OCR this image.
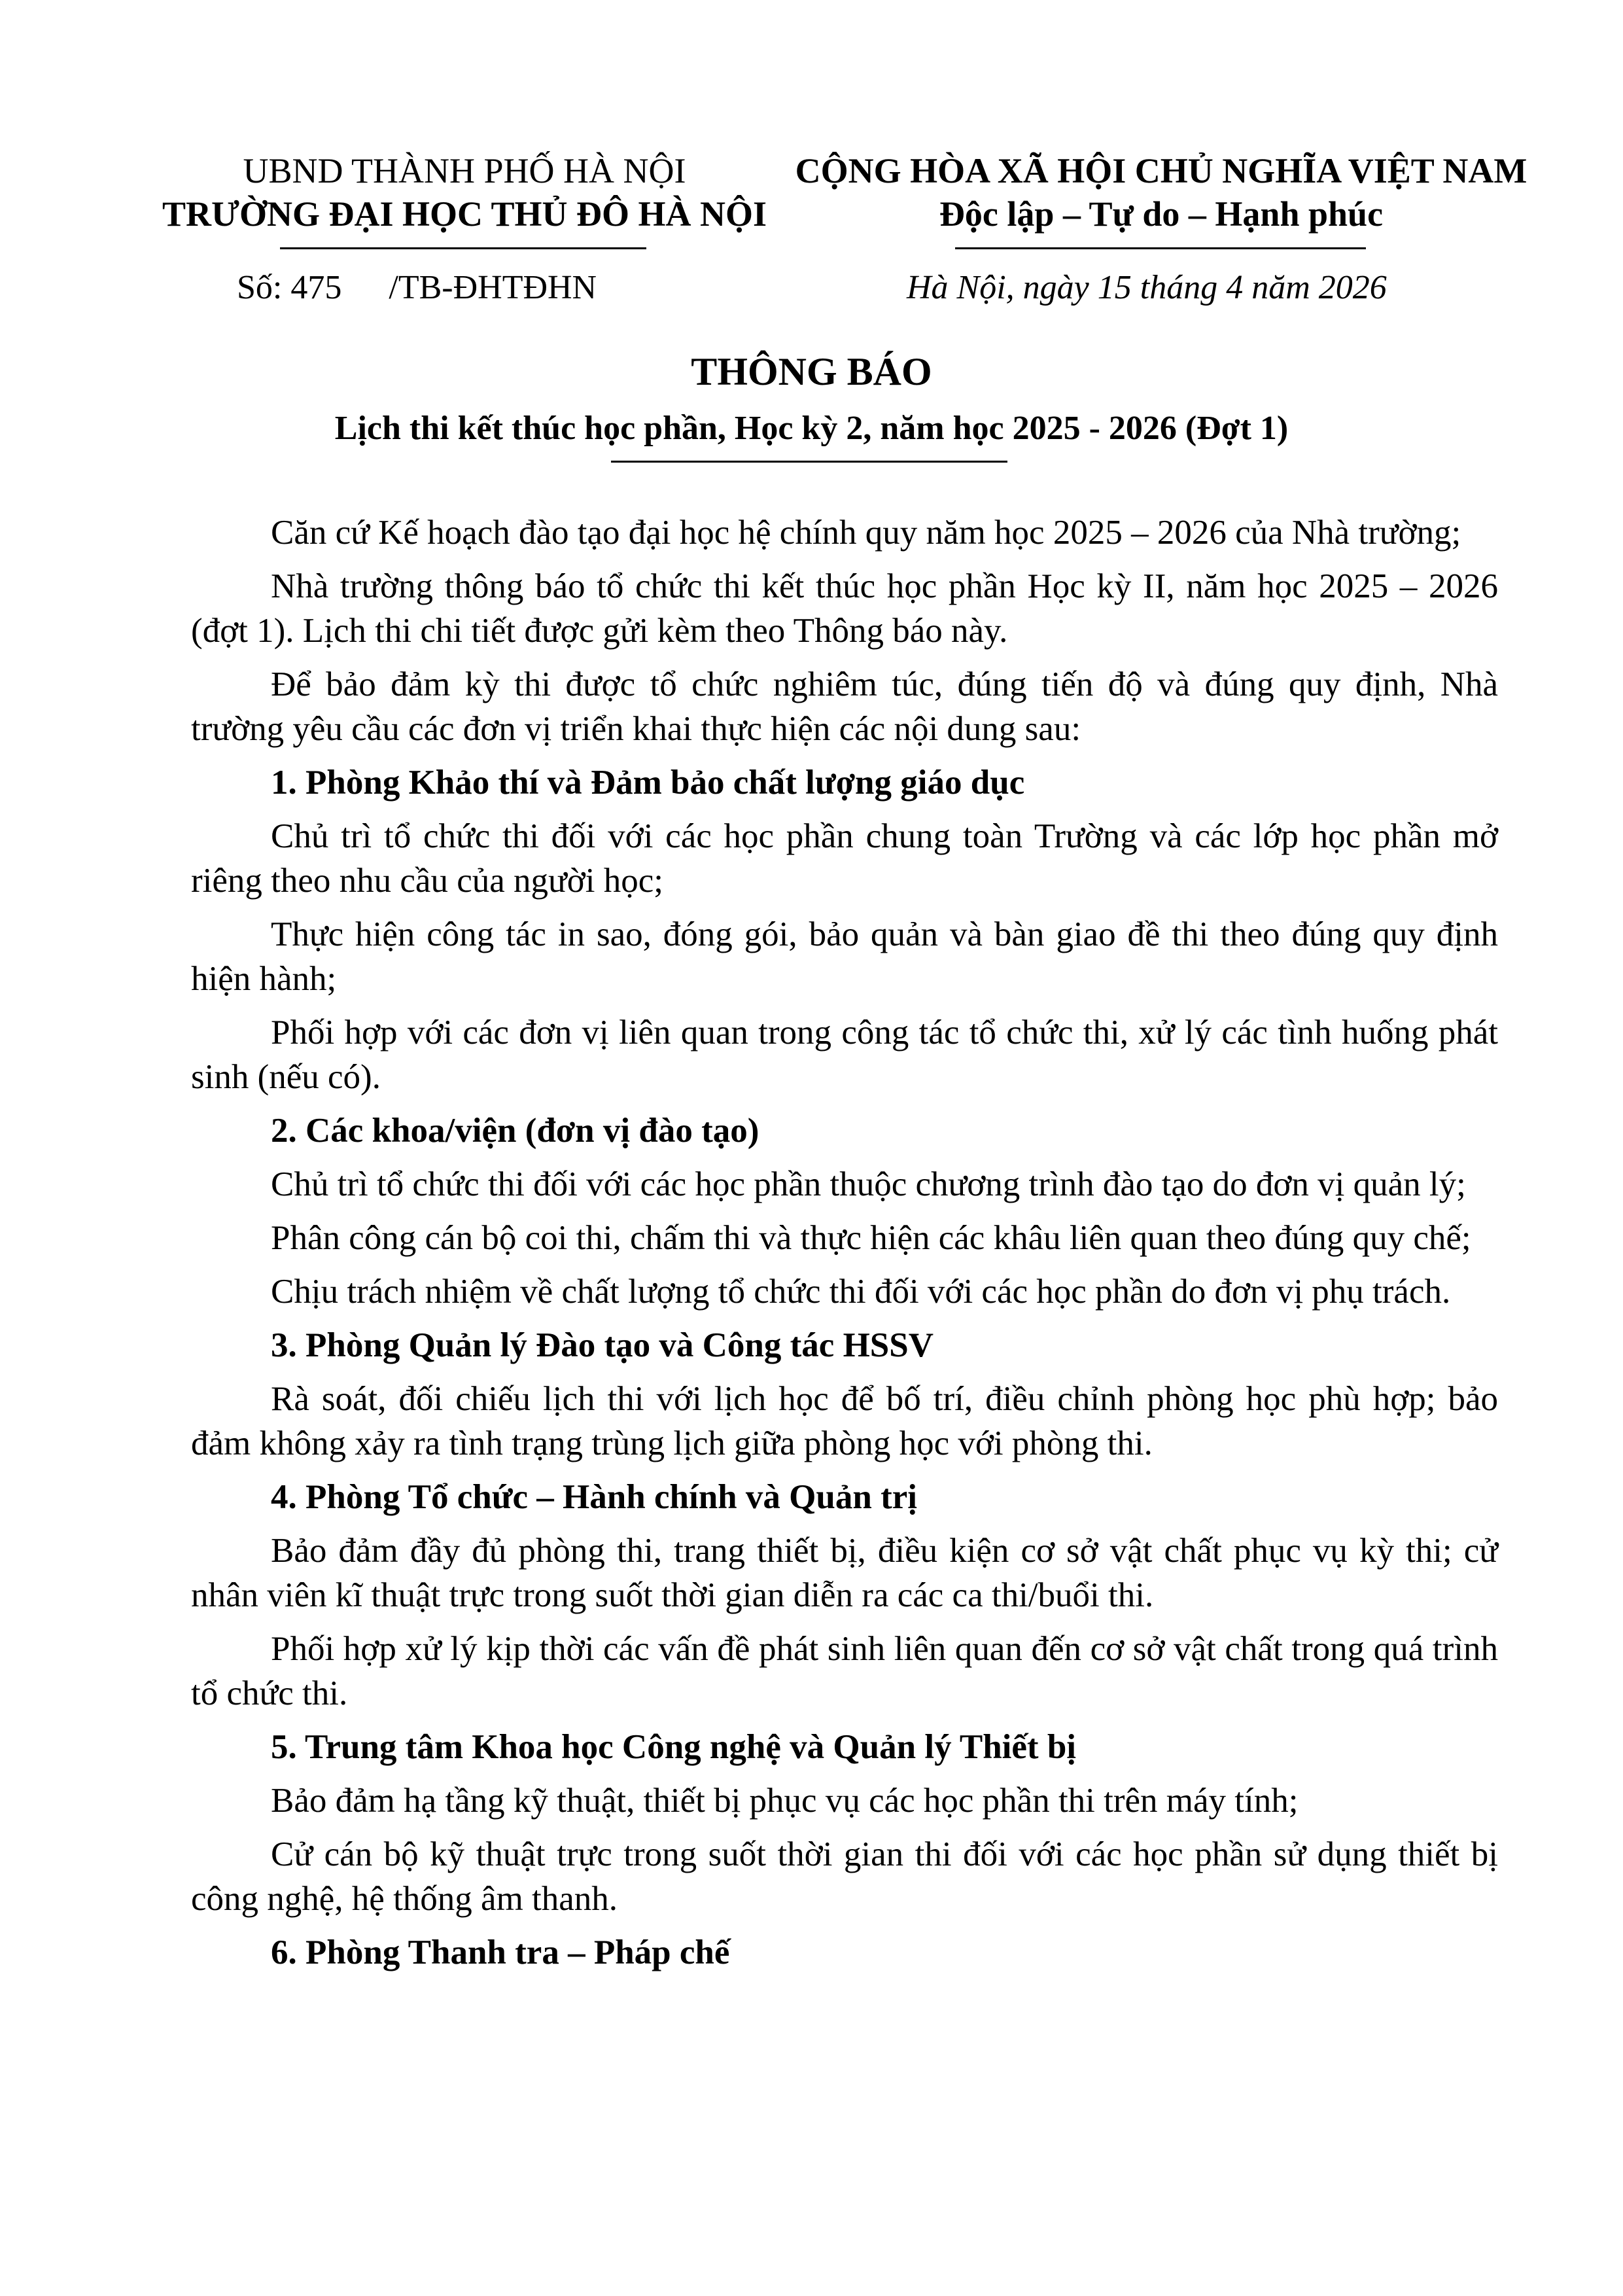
UBND THÀNH PHỐ HÀ NỘI
TRƯỜNG ĐẠI HỌC THỦ ĐÔ HÀ NỘI
CỘNG HÒA XÃ HỘI CHỦ NGHĨA VIỆT NAM
Độc lập – Tự do – Hạnh phúc
Số: 475 /TB-ĐHTĐHN	Hà Nội, ngày 15 tháng 4 năm 2026
THÔNG BÁO
Lịch thi kết thúc học phần, Học kỳ 2, năm học 2025 - 2026 (Đợt 1)

Căn cứ Kế hoạch đào tạo đại học hệ chính quy năm học 2025 – 2026 của Nhà trường;

Nhà trường thông báo tổ chức thi kết thúc học phần Học kỳ II, năm học 2025 – 2026 (đợt 1). Lịch thi chi tiết được gửi kèm theo Thông báo này.

Để bảo đảm kỳ thi được tổ chức nghiêm túc, đúng tiến độ và đúng quy định, Nhà trường yêu cầu các đơn vị triển khai thực hiện các nội dung sau:

1. Phòng Khảo thí và Đảm bảo chất lượng giáo dục

Chủ trì tổ chức thi đối với các học phần chung toàn Trường và các lớp học phần mở riêng theo nhu cầu của người học;

Thực hiện công tác in sao, đóng gói, bảo quản và bàn giao đề thi theo đúng quy định hiện hành;

Phối hợp với các đơn vị liên quan trong công tác tổ chức thi, xử lý các tình huống phát sinh (nếu có).

2. Các khoa/viện (đơn vị đào tạo)

Chủ trì tổ chức thi đối với các học phần thuộc chương trình đào tạo do đơn vị quản lý;

Phân công cán bộ coi thi, chấm thi và thực hiện các khâu liên quan theo đúng quy chế;

Chịu trách nhiệm về chất lượng tổ chức thi đối với các học phần do đơn vị phụ trách.

3. Phòng Quản lý Đào tạo và Công tác HSSV

Rà soát, đối chiếu lịch thi với lịch học để bố trí, điều chỉnh phòng học phù hợp; bảo đảm không xảy ra tình trạng trùng lịch giữa phòng học với phòng thi.

4. Phòng Tổ chức – Hành chính và Quản trị

Bảo đảm đầy đủ phòng thi, trang thiết bị, điều kiện cơ sở vật chất phục vụ kỳ thi; cử nhân viên kĩ thuật trực trong suốt thời gian diễn ra các ca thi/buổi thi.

Phối hợp xử lý kịp thời các vấn đề phát sinh liên quan đến cơ sở vật chất trong quá trình tổ chức thi.

5. Trung tâm Khoa học Công nghệ và Quản lý Thiết bị

Bảo đảm hạ tầng kỹ thuật, thiết bị phục vụ các học phần thi trên máy tính;

Cử cán bộ kỹ thuật trực trong suốt thời gian thi đối với các học phần sử dụng thiết bị công nghệ, hệ thống âm thanh.

6. Phòng Thanh tra – Pháp chế
